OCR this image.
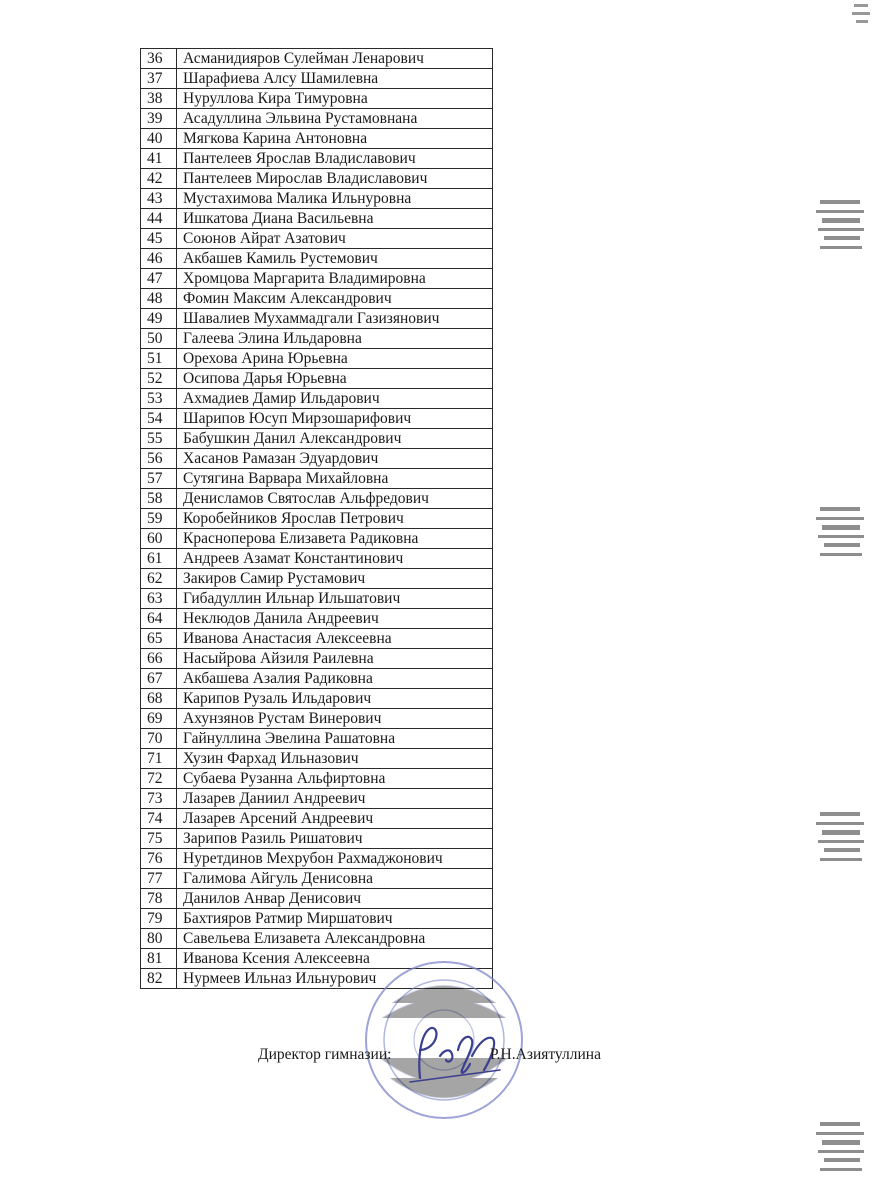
36	Асманидияров Сулейман Ленарович
37	Шарафиева Алсу Шамилевна
38	Нуруллова Кира Тимуровна
39	Асадуллина Эльвина Рустамовнана
40	Мягкова Карина Антоновна
41	Пантелеев Ярослав Владиславович
42	Пантелеев Мирослав Владиславович
43	Мустахимова Малика Ильнуровна
44	Ишкатова Диана Васильевна
45	Союнов Айрат Азатович
46	Акбашев Камиль Рустемович
47	Хромцова Маргарита Владимировна
48	Фомин Максим Александрович
49	Шавалиев Мухаммадгали Газизянович
50	Галеева Элина Ильдаровна
51	Орехова Арина Юрьевна
52	Осипова Дарья Юрьевна
53	Ахмадиев Дамир Ильдарович
54	Шарипов Юсуп Мирзошарифович
55	Бабушкин Данил Александрович
56	Хасанов Рамазан Эдуардович
57	Сутягина Варвара Михайловна
58	Денисламов Святослав Альфредович
59	Коробейников Ярослав Петрович
60	Красноперова Елизавета Радиковна
61	Андреев Азамат Константинович
62	Закиров Самир Рустамович
63	Гибадуллин Ильнар Ильшатович
64	Неклюдов Данила Андреевич
65	Иванова Анастасия Алексеевна
66	Насыйрова Айзиля Раилевна
67	Акбашева Азалия Радиковна
68	Карипов Рузаль Ильдарович
69	Ахунзянов Рустам Винерович
70	Гайнуллина Эвелина Рашатовна
71	Хузин Фархад Ильназович
72	Субаева Рузанна Альфиртовна
73	Лазарев Даниил Андреевич
74	Лазарев Арсений Андреевич
75	Зарипов Разиль Ришатович
76	Нуретдинов Мехрубон Рахмаджонович
77	Галимова Айгуль Денисовна
78	Данилов Анвар Денисович
79	Бахтияров Ратмир Миршатович
80	Савельева Елизавета Александровна
81	Иванова Ксения Алексеевна
82	Нурмеев Ильназ Ильнурович
Директор гимназии:	Р.Н.Азиятуллина
